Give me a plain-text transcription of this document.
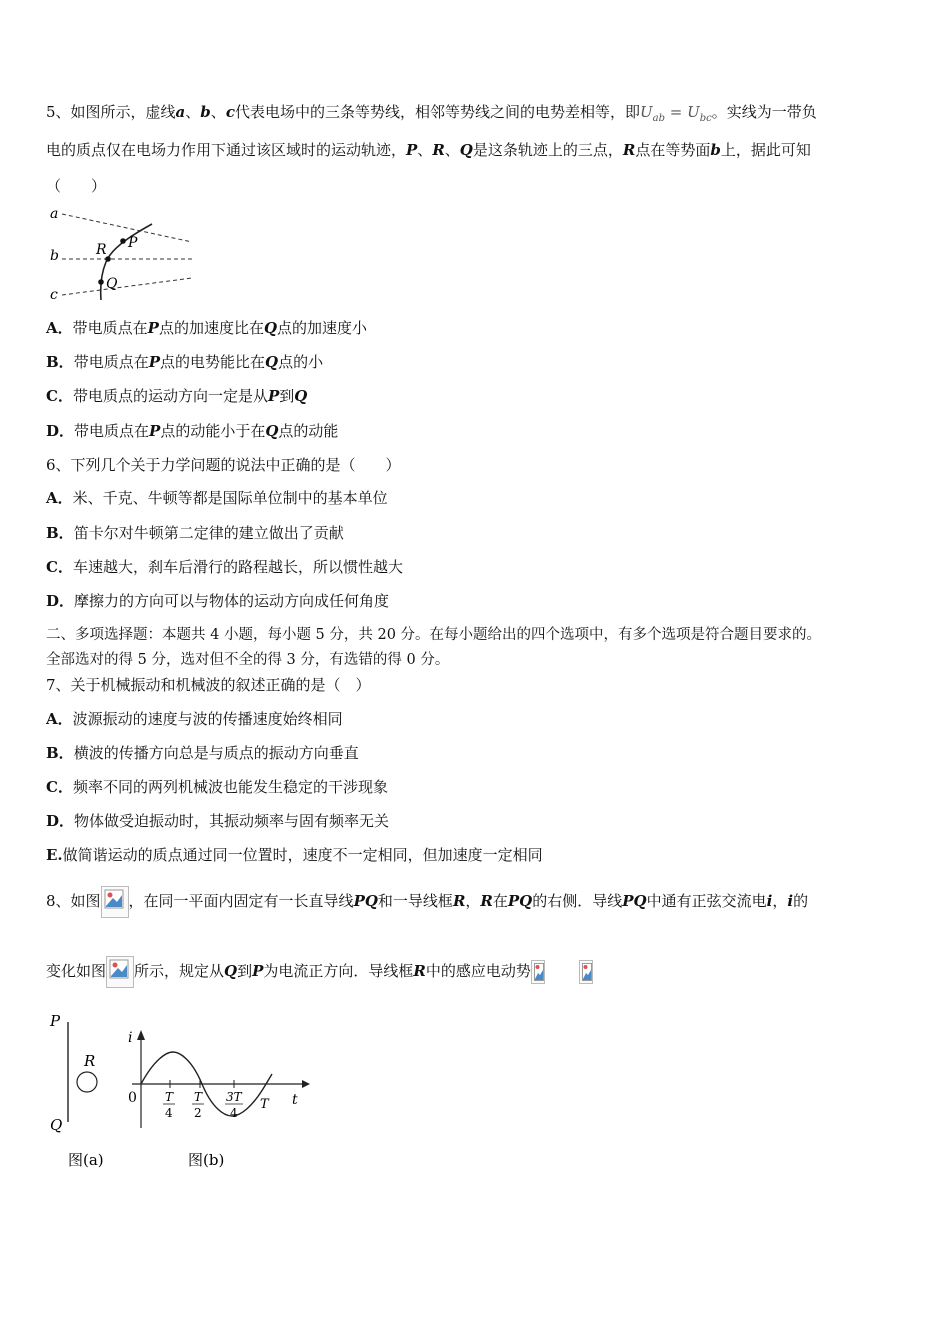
5、如图所示，虚线a、b、c代表电场中的三条等势线，相邻等势线之间的电势差相等，即$U_{ab} = U_{bc}$。实线为一带负
电的质点仅在电场力作用下通过该区域时的运动轨迹，P、R、Q是这条轨迹上的三点，R点在等势面b上，据此可知
（　　）
a
b
c
R P
Q
A．带电质点在P点的加速度比在Q点的加速度小
B．带电质点在P点的电势能比在Q点的小
C．带电质点的运动方向一定是从P到Q
D．带电质点在P点的动能小于在Q点的动能
6、下列几个关于力学问题的说法中正确的是（　　）
A．米、千克、牛顿等都是国际单位制中的基本单位
B．笛卡尔对牛顿第二定律的建立做出了贡献
C．车速越大，刹车后滑行的路程越长，所以惯性越大
D．摩擦力的方向可以与物体的运动方向成任何角度
二、多项选择题：本题共 4 小题，每小题 5 分，共 20 分。在每小题给出的四个选项中，有多个选项是符合题目要求的。
全部选对的得 5 分，选对但不全的得 3 分，有选错的得 0 分。
7、关于机械振动和机械波的叙述正确的是（　）
A．波源振动的速度与波的传播速度始终相同
B．横波的传播方向总是与质点的振动方向垂直
C．频率不同的两列机械波也能发生稳定的干涉现象
D．物体做受迫振动时，其振动频率与固有频率无关
E.做简谐运动的质点通过同一位置时，速度不一定相同，但加速度一定相同
8、如图 ，在同一平面内固定有一长直导线PQ和一导线框R，R在PQ的右侧．导线PQ中通有正弦交流电i，i的
变化如图 所示，规定从Q到P为电流正方向．导线框R中的感应电动势
P
Q
R
图(a)
i
0	t
T
4
T
2
3T
4
T
图(b)
